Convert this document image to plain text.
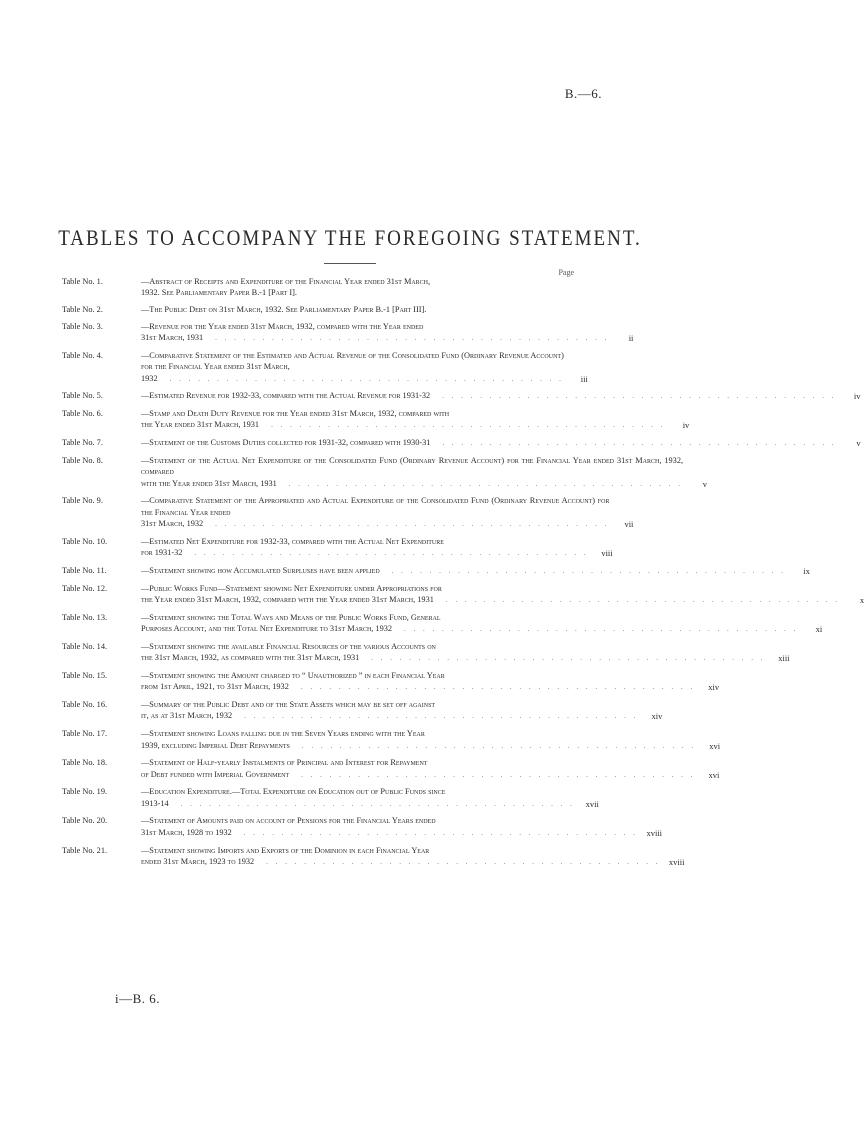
B.—6.
TABLES TO ACCOMPANY THE FOREGOING STATEMENT.
Page
Table No. 1.	—Abstract of Receipts and Expenditure of the Financial Year ended 31st March,
1932. See Parliamentary Paper B.-1 [Part I].
Table No. 2.	—The Public Debt on 31st March, 1932. See Parliamentary Paper B.-1 [Part III].
Table No. 3.	—Revenue for the Year ended 31st March, 1932, compared with the Year ended
31st March, 1931	. . . . . . . . . . . . . . . . . . . . . . . . . . . . . . . . . . . . . . . . . .	ii
Table No. 4.	—Comparative Statement of the Estimated and Actual Revenue of the Consolidated Fund (Ordinary Revenue Account) for the Financial Year ended 31st March,
1932	. . . . . . . . . . . . . . . . . . . . . . . . . . . . . . . . . . . . . . . . . .	iii
Table No. 5.	—Estimated Revenue for 1932-33, compared with the Actual Revenue for 1931-32	. . . . . . . . . . . . . . . . . . . . . . . . . . . . . . . . . . . . . . . . . .	iv
Table No. 6.	—Stamp and Death Duty Revenue for the Year ended 31st March, 1932, compared with
the Year ended 31st March, 1931	. . . . . . . . . . . . . . . . . . . . . . . . . . . . . . . . . . . . . . . . . .	iv
Table No. 7.	—Statement of the Customs Duties collected for 1931-32, compared with 1930-31	. . . . . . . . . . . . . . . . . . . . . . . . . . . . . . . . . . . . . . . . . .	v
Table No. 8.	—Statement of the Actual Net Expenditure of the Consolidated Fund (Ordinary Revenue Account) for the Financial Year ended 31st March, 1932, compared
with the Year ended 31st March, 1931	. . . . . . . . . . . . . . . . . . . . . . . . . . . . . . . . . . . . . . . . . .	v
Table No. 9.	—Comparative Statement of the Appropriated and Actual Expenditure of the Consolidated Fund (Ordinary Revenue Account) for the Financial Year ended
31st March, 1932	. . . . . . . . . . . . . . . . . . . . . . . . . . . . . . . . . . . . . . . . . .	vii
Table No. 10.	—Estimated Net Expenditure for 1932-33, compared with the Actual Net Expenditure
for 1931-32	. . . . . . . . . . . . . . . . . . . . . . . . . . . . . . . . . . . . . . . . . .	viii
Table No. 11.	—Statement showing how Accumulated Surpluses have been applied	. . . . . . . . . . . . . . . . . . . . . . . . . . . . . . . . . . . . . . . . . .	ix
Table No. 12.	—Public Works Fund—Statement showing Net Expenditure under Appropriations for
the Year ended 31st March, 1932, compared with the Year ended 31st March, 1931	. . . . . . . . . . . . . . . . . . . . . . . . . . . . . . . . . . . . . . . . . .	x
Table No. 13.	—Statement showing the Total Ways and Means of the Public Works Fund, General
Purposes Account, and the Total Net Expenditure to 31st March, 1932	. . . . . . . . . . . . . . . . . . . . . . . . . . . . . . . . . . . . . . . . . .	xi
Table No. 14.	—Statement showing the available Financial Resources of the various Accounts on
the 31st March, 1932, as compared with the 31st March, 1931	. . . . . . . . . . . . . . . . . . . . . . . . . . . . . . . . . . . . . . . . . .	xiii
Table No. 15.	—Statement showing the Amount charged to “ Unauthorized ” in each Financial Year
from 1st April, 1921, to 31st March, 1932	. . . . . . . . . . . . . . . . . . . . . . . . . . . . . . . . . . . . . . . . . .	xiv
Table No. 16.	—Summary of the Public Debt and of the State Assets which may be set off against
it, as at 31st March, 1932	. . . . . . . . . . . . . . . . . . . . . . . . . . . . . . . . . . . . . . . . . .	xiv
Table No. 17.	—Statement showing Loans falling due in the Seven Years ending with the Year
1939, excluding Imperial Debt Repayments	. . . . . . . . . . . . . . . . . . . . . . . . . . . . . . . . . . . . . . . . . .	xvi
Table No. 18.	—Statement of Half-yearly Instalments of Principal and Interest for Repayment
of Debt funded with Imperial Government	. . . . . . . . . . . . . . . . . . . . . . . . . . . . . . . . . . . . . . . . . .	xvi
Table No. 19.	—Education Expenditure.—Total Expenditure on Education out of Public Funds since
1913-14	. . . . . . . . . . . . . . . . . . . . . . . . . . . . . . . . . . . . . . . . . .	xvii
Table No. 20.	—Statement of Amounts paid on account of Pensions for the Financial Years ended
31st March, 1928 to 1932	. . . . . . . . . . . . . . . . . . . . . . . . . . . . . . . . . . . . . . . . . . xviii
Table No. 21.	—Statement showing Imports and Exports of the Dominion in each Financial Year
ended 31st March, 1923 to 1932	. . . . . . . . . . . . . . . . . . . . . . . . . . . . . . . . . . . . . . . . . . xviii
i—B. 6.
